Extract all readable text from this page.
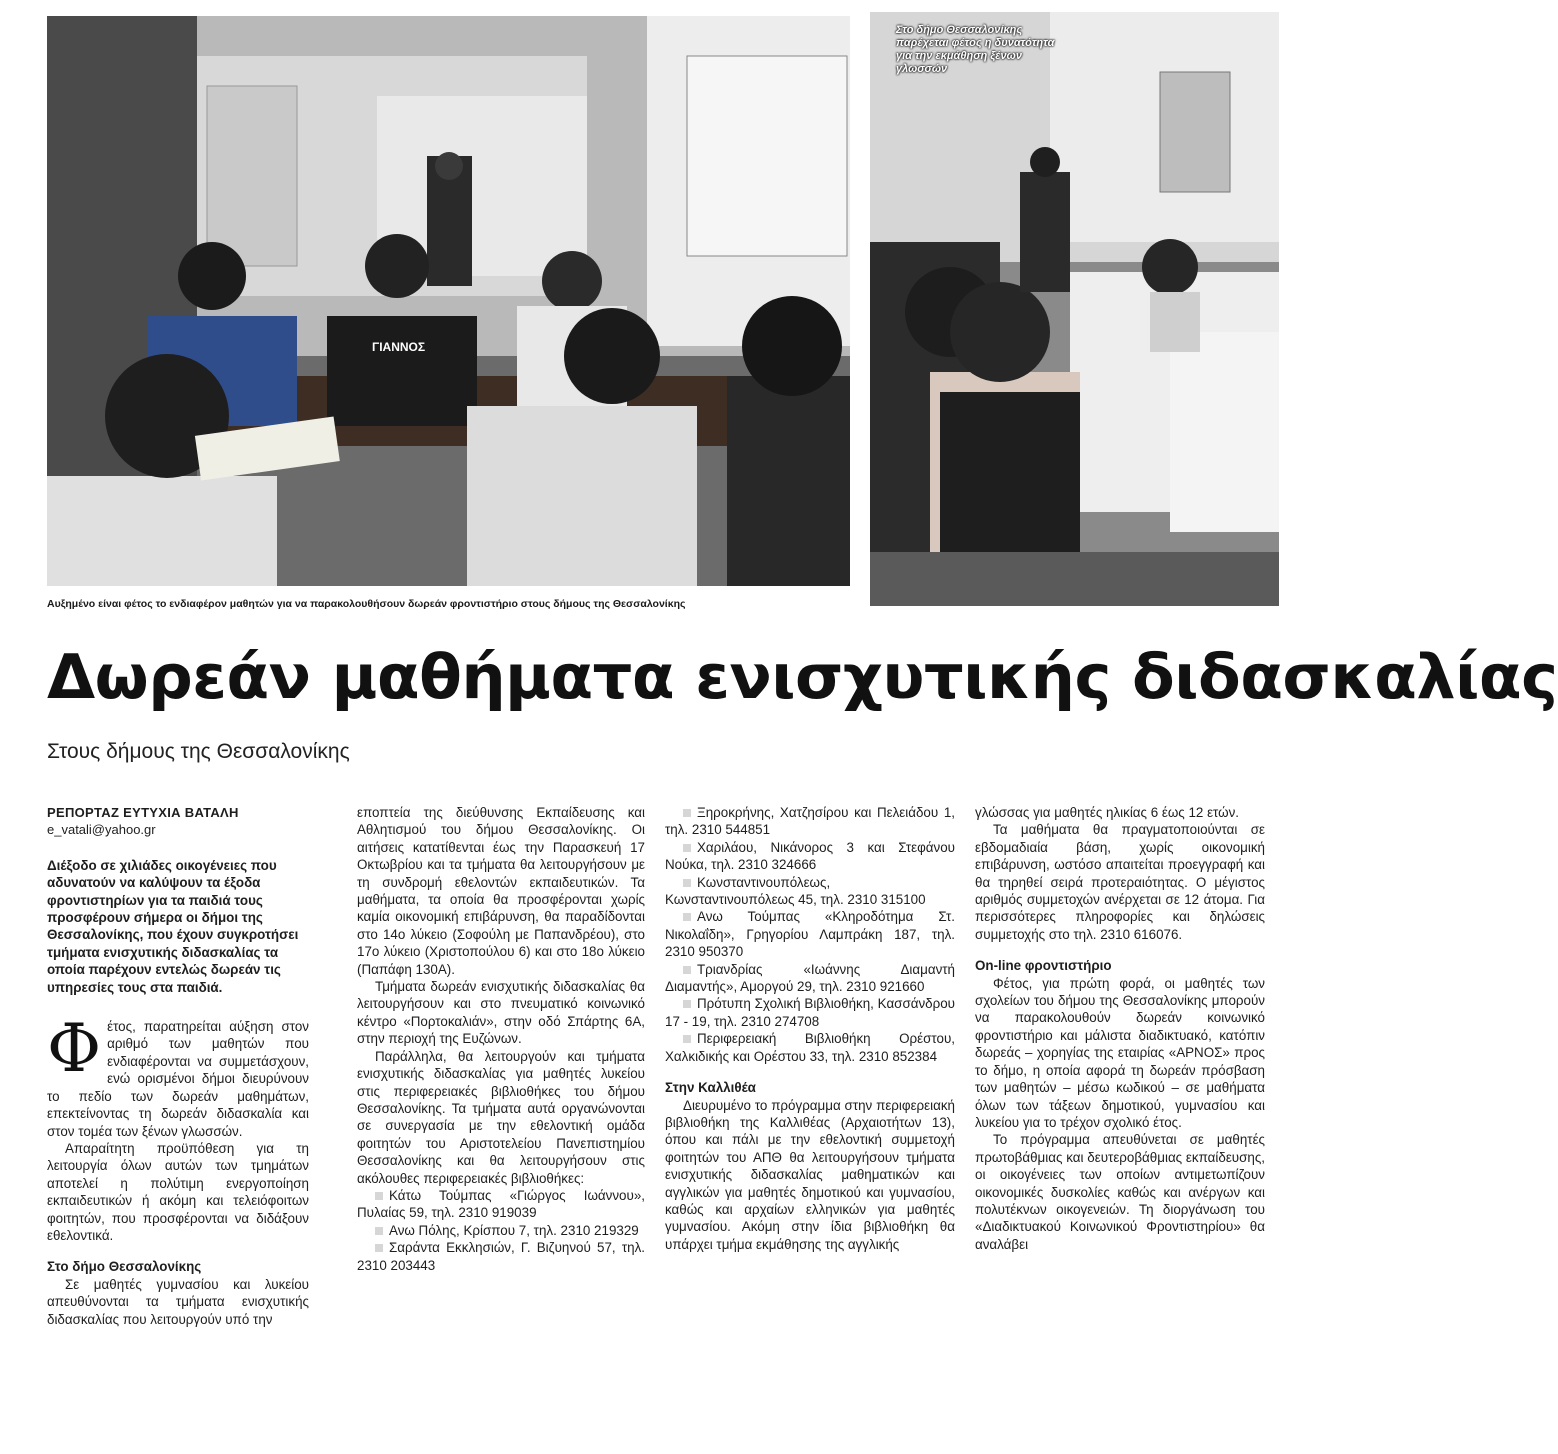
ΓΙΑΝΝΟΣ
Στο δήμο Θεσσαλονίκης παρέχεται φέτος η δυνατότητα για την εκμάθηση ξένων γλωσσών
Αυξημένο είναι φέτος το ενδιαφέρον μαθητών για να παρακολουθήσουν δωρεάν φροντιστήριο στους δήμους της Θεσσαλονίκης
Δωρεάν μαθήματα ενισχυτικής διδασκαλίας
Στους δήμους της Θεσσαλονίκης
ΡΕΠΟΡΤΑΖ ΕΥΤΥΧΙΑ ΒΑΤΑΛΗ
e_vatali@yahoo.gr

Διέξοδο σε χιλιάδες οικογένειες που αδυνατούν να καλύψουν τα έξοδα φροντιστηρίων για τα παιδιά τους προσφέρουν σήμερα οι δήμοι της Θεσσαλονίκης, που έχουν συγκροτήσει τμήματα ενισχυτικής διδασκαλίας τα οποία παρέχουν εντελώς δωρεάν τις υπηρεσίες τους στα παιδιά.

Φ έτος, παρατηρείται αύξηση στον αριθμό των μαθητών που ενδιαφέρονται να συμμετάσχουν, ενώ ορισμένοι δήμοι διευρύνουν το πεδίο των δωρεάν μαθημάτων, επεκτείνοντας τη δωρεάν διδασκαλία και στον τομέα των ξένων γλωσσών.

Απαραίτητη προϋπόθεση για τη λειτουργία όλων αυτών των τμημάτων αποτελεί η πολύτιμη ενεργοποίηση εκπαιδευτικών ή ακόμη και τελειόφοιτων φοιτητών, που προσφέρονται να διδάξουν εθελοντικά.

Στο δήμο Θεσσαλονίκης

Σε μαθητές γυμνασίου και λυκείου απευθύνονται τα τμήματα ενισχυτικής διδασκαλίας που λειτουργούν υπό την

εποπτεία της διεύθυνσης Εκπαίδευσης και Αθλητισμού του δήμου Θεσσαλονίκης. Οι αιτήσεις κατατίθενται έως την Παρασκευή 17 Οκτωβρίου και τα τμήματα θα λειτουργήσουν με τη συνδρομή εθελοντών εκπαιδευτικών. Τα μαθήματα, τα οποία θα προσφέρονται χωρίς καμία οικονομική επιβάρυνση, θα παραδίδονται στο 14ο λύκειο (Σοφούλη με Παπανδρέου), στο 17ο λύκειο (Χριστοπούλου 6) και στο 18ο λύκειο (Παπάφη 130Α).

Τμήματα δωρεάν ενισχυτικής διδασκαλίας θα λειτουργήσουν και στο πνευματικό κοινωνικό κέντρο «Πορτοκαλιάν», στην οδό Σπάρτης 6Α, στην περιοχή της Ευζώνων.

Παράλληλα, θα λειτουργούν και τμήματα ενισχυτικής διδασκαλίας για μαθητές λυκείου στις περιφερειακές βιβλιοθήκες του δήμου Θεσσαλονίκης. Τα τμήματα αυτά οργανώνονται σε συνεργασία με την εθελοντική ομάδα φοιτητών του Αριστοτελείου Πανεπιστημίου Θεσσαλονίκης και θα λειτουργήσουν στις ακόλουθες περιφερειακές βιβλιοθήκες:

Κάτω Τούμπας «Γιώργος Ιωάννου», Πυλαίας 59, τηλ. 2310 919039

Ανω Πόλης, Κρίσπου 7, τηλ. 2310 219329

Σαράντα Εκκλησιών, Γ. Βιζυηνού 57, τηλ. 2310 203443

Ξηροκρήνης, Χατζησίρου και Πελειάδου 1, τηλ. 2310 544851

Χαριλάου, Νικάνορος 3 και Στεφάνου Νούκα, τηλ. 2310 324666

Κωνσταντινουπόλεως, Κωνσταντινουπόλεως 45, τηλ. 2310 315100

Ανω Τούμπας «Κληροδότημα Στ. Νικολαΐδη», Γρηγορίου Λαμπράκη 187, τηλ. 2310 950370

Τριανδρίας «Ιωάννης Διαμαντή Διαμαντής», Αμοργού 29, τηλ. 2310 921660

Πρότυπη Σχολική Βιβλιοθήκη, Κασσάνδρου 17 - 19, τηλ. 2310 274708

Περιφερειακή Βιβλιοθήκη Ορέστου, Χαλκιδικής και Ορέστου 33, τηλ. 2310 852384

Στην Καλλιθέα

Διευρυμένο το πρόγραμμα στην περιφερειακή βιβλιοθήκη της Καλλιθέας (Αρχαιοτήτων 13), όπου και πάλι με την εθελοντική συμμετοχή φοιτητών του ΑΠΘ θα λειτουργήσουν τμήματα ενισχυτικής διδασκαλίας μαθηματικών και αγγλικών για μαθητές δημοτικού και γυμνασίου, καθώς και αρχαίων ελληνικών για μαθητές γυμνασίου. Ακόμη στην ίδια βιβλιοθήκη θα υπάρχει τμήμα εκμάθησης της αγγλικής

γλώσσας για μαθητές ηλικίας 6 έως 12 ετών.

Τα μαθήματα θα πραγματοποιούνται σε εβδομαδιαία βάση, χωρίς οικονομική επιβάρυνση, ωστόσο απαιτείται προεγγραφή και θα τηρηθεί σειρά προτεραιότητας. Ο μέγιστος αριθμός συμμετοχών ανέρχεται σε 12 άτομα. Για περισσότερες πληροφορίες και δηλώσεις συμμετοχής στο τηλ. 2310 616076.

On-line φροντιστήριο

Φέτος, για πρώτη φορά, οι μαθητές των σχολείων του δήμου της Θεσσαλονίκης μπορούν να παρακολουθούν δωρεάν κοινωνικό φροντιστήριο και μάλιστα διαδικτυακό, κατόπιν δωρεάς – χορηγίας της εταιρίας «ΑΡΝΟΣ» προς το δήμο, η οποία αφορά τη δωρεάν πρόσβαση των μαθητών – μέσω κωδικού – σε μαθήματα όλων των τάξεων δημοτικού, γυμνασίου και λυκείου για το τρέχον σχολικό έτος.

Το πρόγραμμα απευθύνεται σε μαθητές πρωτοβάθμιας και δευτεροβάθμιας εκπαίδευσης, οι οικογένειες των οποίων αντιμετωπίζουν οικονομικές δυσκολίες καθώς και ανέργων και πολυτέκνων οικογενειών. Τη διοργάνωση του «Διαδικτυακού Κοινωνικού Φροντιστηρίου» θα αναλάβει
